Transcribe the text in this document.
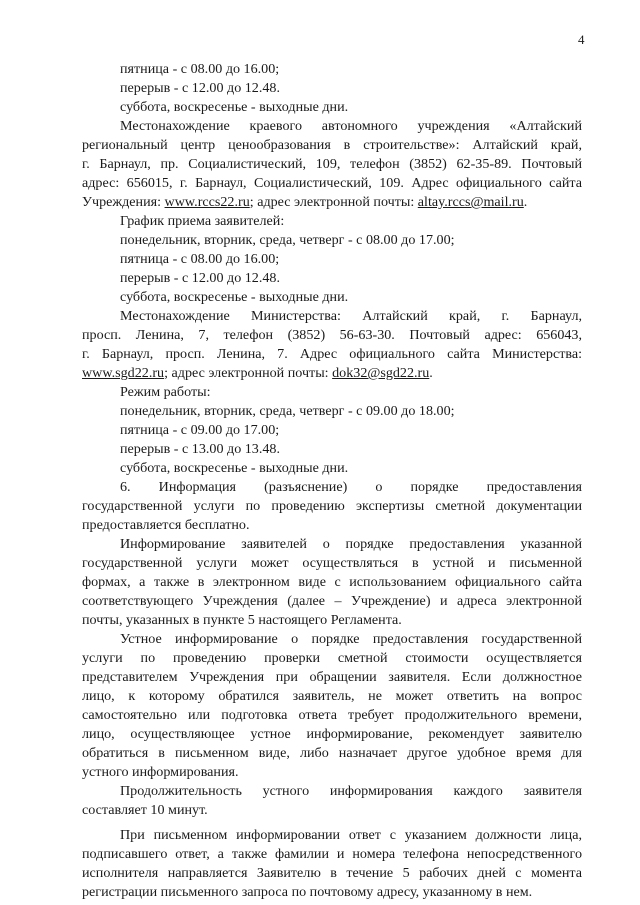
4
пятница - с 08.00 до 16.00;
перерыв - с 12.00 до 12.48.
суббота, воскресенье - выходные дни.
Местонахождение краевого автономного учреждения «Алтайский
региональный центр ценообразования в строительстве»: Алтайский край,
г. Барнаул, пр. Социалистический, 109, телефон (3852) 62-35-89. Почтовый
адрес: 656015, г. Барнаул, Социалистический, 109. Адрес официального сайта
Учреждения: www.rccs22.ru; адрес электронной почты: altay.rccs@mail.ru.
График приема заявителей:
понедельник, вторник, среда, четверг - с 08.00 до 17.00;
пятница - с 08.00 до 16.00;
перерыв - с 12.00 до 12.48.
суббота, воскресенье - выходные дни.
Местонахождение Министерства: Алтайский край, г. Барнаул,
просп. Ленина, 7, телефон (3852) 56-63-30. Почтовый адрес: 656043,
г. Барнаул, просп. Ленина, 7. Адрес официального сайта Министерства:
www.sgd22.ru; адрес электронной почты: dok32@sgd22.ru.
Режим работы:
понедельник, вторник, среда, четверг - с 09.00 до 18.00;
пятница - с 09.00 до 17.00;
перерыв - с 13.00 до 13.48.
суббота, воскресенье - выходные дни.
6. Информация (разъяснение) о порядке предоставления
государственной услуги по проведению экспертизы сметной документации
предоставляется бесплатно.
Информирование заявителей о порядке предоставления указанной
государственной услуги может осуществляться в устной и письменной
формах, а также в электронном виде с использованием официального сайта
соответствующего Учреждения (далее – Учреждение) и адреса электронной
почты, указанных в пункте 5 настоящего Регламента.
Устное информирование о порядке предоставления государственной
услуги по проведению проверки сметной стоимости осуществляется
представителем Учреждения при обращении заявителя. Если должностное
лицо, к которому обратился заявитель, не может ответить на вопрос
самостоятельно или подготовка ответа требует продолжительного времени,
лицо, осуществляющее устное информирование, рекомендует заявителю
обратиться в письменном виде, либо назначает другое удобное время для
устного информирования.
Продолжительность устного информирования каждого заявителя
составляет 10 минут.
При письменном информировании ответ с указанием должности лица,
подписавшего ответ, а также фамилии и номера телефона непосредственного
исполнителя направляется Заявителю в течение 5 рабочих дней с момента
регистрации письменного запроса по почтовому адресу, указанному в нем.
